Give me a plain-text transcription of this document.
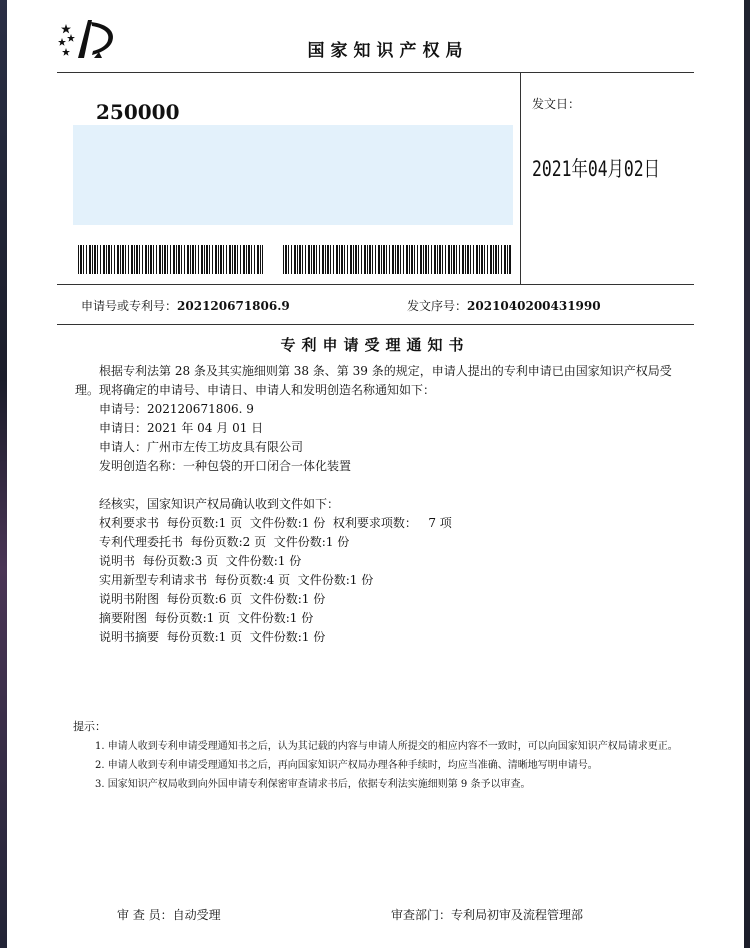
国家知识产权局
250000	发文日：
2021年04月02日
申请号或专利号：202120671806.9	发文序号：2021040200431990
专利申请受理通知书
根据专利法第 28 条及其实施细则第 38 条、第 39 条的规定，申请人提出的专利申请已由国家知识产权局受理。现将确定的申请号、申请日、申请人和发明创造名称通知如下：
申请号：202120671806. 9
申请日：2021 年 04 月 01 日
申请人：广州市左传工坊皮具有限公司
发明创造名称：一种包袋的开口闭合一体化装置
经核实，国家知识产权局确认收到文件如下：
权利要求书  每份页数:1 页  文件份数:1 份  权利要求项数：   7 项
专利代理委托书  每份页数:2 页  文件份数:1 份
说明书  每份页数:3 页  文件份数:1 份
实用新型专利请求书  每份页数:4 页  文件份数:1 份
说明书附图  每份页数:6 页  文件份数:1 份
摘要附图  每份页数:1 页  文件份数:1 份
说明书摘要  每份页数:1 页  文件份数:1 份
提示：
1. 申请人收到专利申请受理通知书之后，认为其记载的内容与申请人所提交的相应内容不一致时，可以向国家知识产权局请求更正。
2. 申请人收到专利申请受理通知书之后，再向国家知识产权局办理各种手续时，均应当准确、清晰地写明申请号。
3. 国家知识产权局收到向外国申请专利保密审查请求书后，依据专利法实施细则第 9 条予以审查。
审 查 员：自动受理	审查部门：专利局初审及流程管理部
